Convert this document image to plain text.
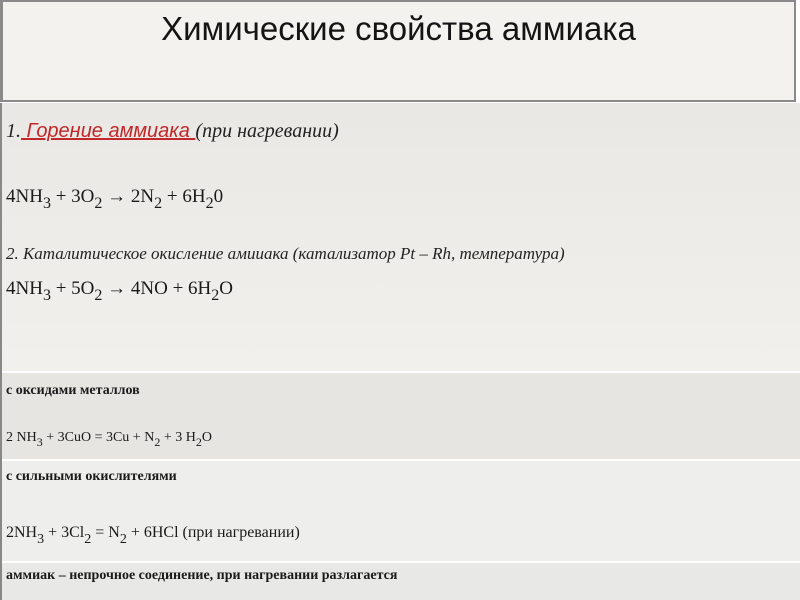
Химические свойства аммиака
1. Горение аммиака (при нагревании)
$4NH_3 + 3O_2 \to 2N_2 + 6H_20$
2. Каталитическое окисление амииака (катализатор Pt – Rh, температура)
$4NH_3 + 5O_2 \to 4NO + 6H_2O$
с оксидами металлов
2 $NH_3 + 3CuO = 3Cu + N_2 + 3$ $H_2O$
с сильными окислителями
$2NH_3 + 3Cl_2 = N_2 + 6HCl$ (при нагревании)
аммиак – непрочное соединение, при нагревании разлагается
